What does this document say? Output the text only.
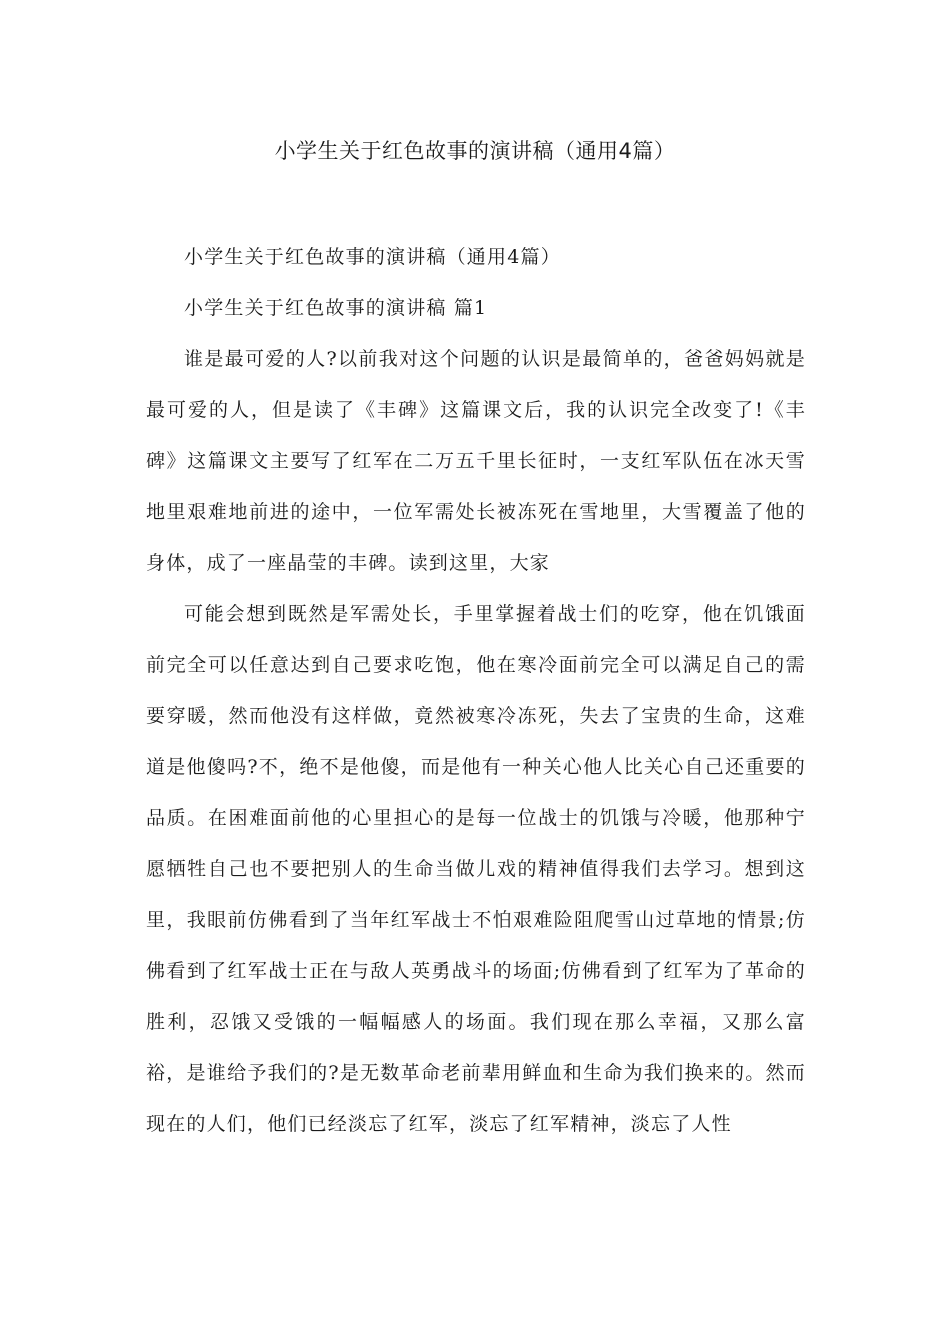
小学生关于红色故事的演讲稿（通用4篇）

小学生关于红色故事的演讲稿（通用4篇）

小学生关于红色故事的演讲稿 篇1

谁是最可爱的人?以前我对这个问题的认识是最简单的，爸爸妈妈就是最可爱的人，但是读了《丰碑》这篇课文后，我的认识完全改变了!《丰碑》这篇课文主要写了红军在二万五千里长征时，一支红军队伍在冰天雪地里艰难地前进的途中，一位军需处长被冻死在雪地里，大雪覆盖了他的身体，成了一座晶莹的丰碑。读到这里，大家

可能会想到既然是军需处长，手里掌握着战士们的吃穿，他在饥饿面前完全可以任意达到自己要求吃饱，他在寒冷面前完全可以满足自己的需要穿暖，然而他没有这样做，竟然被寒冷冻死，失去了宝贵的生命，这难道是他傻吗?不，绝不是他傻，而是他有一种关心他人比关心自己还重要的品质。在困难面前他的心里担心的是每一位战士的饥饿与冷暖，他那种宁愿牺牲自己也不要把别人的生命当做儿戏的精神值得我们去学习。想到这里，我眼前仿佛看到了当年红军战士不怕艰难险阻爬雪山过草地的情景;仿佛看到了红军战士正在与敌人英勇战斗的场面;仿佛看到了红军为了革命的胜利，忍饿又受饿的一幅幅感人的场面。我们现在那么幸福，又那么富裕，是谁给予我们的?是无数革命老前辈用鲜血和生命为我们换来的。然而现在的人们，他们已经淡忘了红军，淡忘了红军精神，淡忘了人性
